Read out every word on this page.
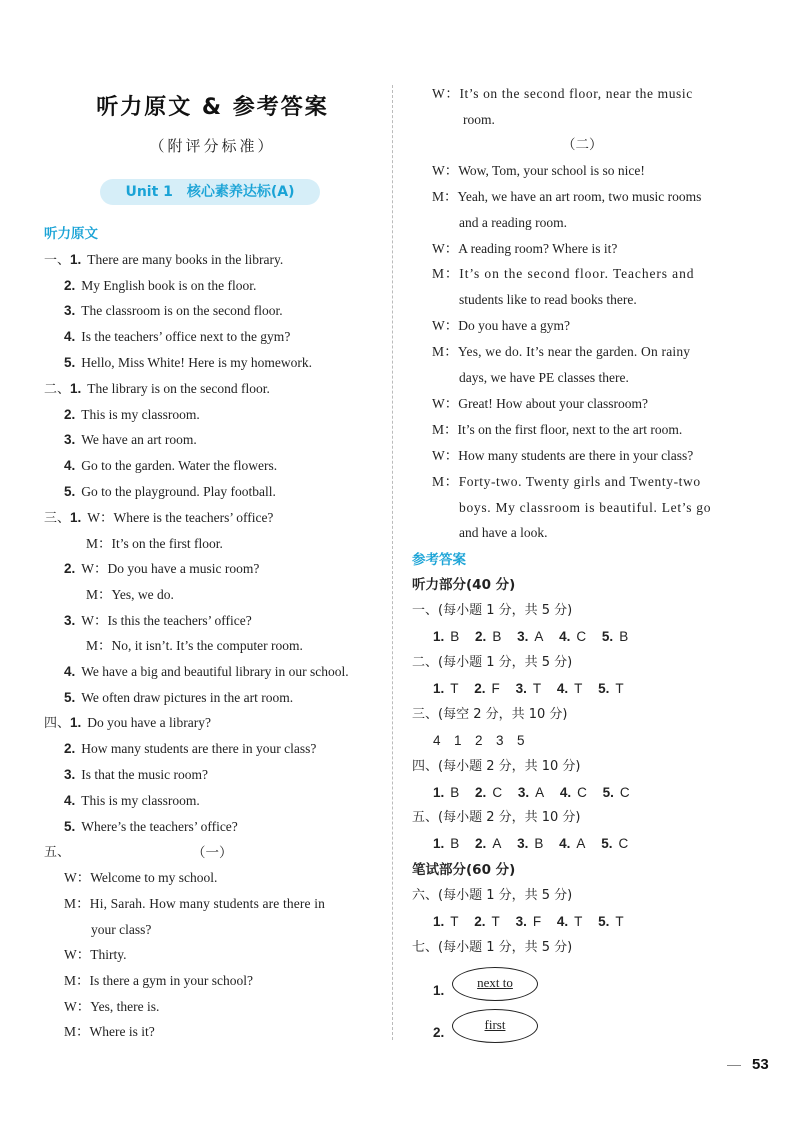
听力原文 & 参考答案
（附评分标准）
Unit 1　核心素养达标(A)
听力原文
一、1. There are many books in the library.
2. My English book is on the floor.
3. The classroom is on the second floor.
4. Is the teachers’ office next to the gym?
5. Hello, Miss White! Here is my homework.
二、1. The library is on the second floor.
2. This is my classroom.
3. We have an art room.
4. Go to the garden. Water the flowers.
5. Go to the playground. Play football.
三、1. W：Where is the teachers’ office?
M：It’s on the first floor.
2. W：Do you have a music room?
M：Yes, we do.
3. W：Is this the teachers’ office?
M：No, it isn’t. It’s the computer room.
4. We have a big and beautiful library in our school.
5. We often draw pictures in the art room.
四、1. Do you have a library?
2. How many students are there in your class?
3. Is that the music room?
4. This is my classroom.
5. Where’s the teachers’ office?
五、	（一）
W：Welcome to my school.
M：Hi, Sarah. How many students are there in
your class?
W：Thirty.
M：Is there a gym in your school?
W：Yes, there is.
M：Where is it?
W：It’s on the second floor, near the music
room.
（二）
W：Wow, Tom, your school is so nice!
M：Yeah, we have an art room, two music rooms
and a reading room.
W：A reading room? Where is it?
M：It’s on the second floor. Teachers and
students like to read books there.
W：Do you have a gym?
M：Yes, we do. It’s near the garden. On rainy
days, we have PE classes there.
W：Great! How about your classroom?
M：It’s on the first floor, next to the art room.
W：How many students are there in your class?
M：Forty-two. Twenty girls and Twenty-two
boys. My classroom is beautiful. Let’s go
and have a look.
参考答案
听力部分(40 分)
一、(每小题 1 分，共 5 分)
1. B 2. B 3. A 4. C 5. B
二、(每小题 1 分，共 5 分)
1. T 2. F 3. T 4. T 5. T
三、(每空 2 分，共 10 分)
4　1　2　3　5
四、(每小题 2 分，共 10 分)
1. B 2. C 3. A 4. C 5. C
五、(每小题 2 分，共 10 分)
1. B 2. A 3. B 4. A 5. C
笔试部分(60 分)
六、(每小题 1 分，共 5 分)
1. T 2. T 3. F 4. T 5. T
七、(每小题 1 分，共 5 分)
1.
next to
2.
first
53
